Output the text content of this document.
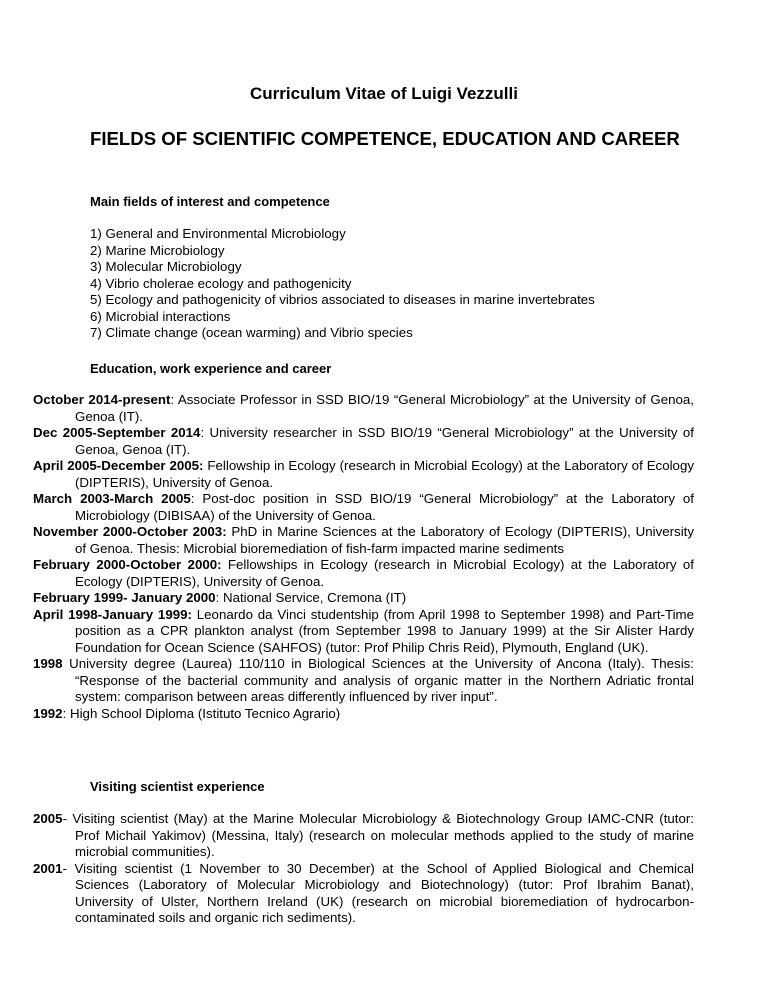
Curriculum Vitae of Luigi Vezzulli
FIELDS OF SCIENTIFIC COMPETENCE, EDUCATION AND CAREER
Main fields of interest and competence
1) General and Environmental Microbiology
2) Marine Microbiology
3) Molecular Microbiology
4) Vibrio cholerae ecology and pathogenicity
5) Ecology and pathogenicity of vibrios associated to diseases in marine invertebrates
6) Microbial interactions
7) Climate change (ocean warming) and Vibrio species
Education, work experience and career

October 2014-present: Associate Professor in SSD BIO/19 “General Microbiology” at the University of Genoa, Genoa (IT).

Dec 2005-September 2014: University researcher in SSD BIO/19 “General Microbiology” at the University of Genoa, Genoa (IT).

April 2005-December 2005: Fellowship in Ecology (research in Microbial Ecology) at the Laboratory of Ecology (DIPTERIS), University of Genoa.

March 2003-March 2005: Post-doc position in SSD BIO/19 “General Microbiology” at the Laboratory of Microbiology (DIBISAA) of the University of Genoa.

November 2000-October 2003: PhD in Marine Sciences at the Laboratory of Ecology (DIPTERIS), University of Genoa. Thesis: Microbial bioremediation of fish-farm impacted marine sediments

February 2000-October 2000: Fellowships in Ecology (research in Microbial Ecology) at the Laboratory of Ecology (DIPTERIS), University of Genoa.

February 1999- January 2000: National Service, Cremona (IT)

April 1998-January 1999: Leonardo da Vinci studentship (from April 1998 to September 1998) and Part-Time position as a CPR plankton analyst (from September 1998 to January 1999) at the Sir Alister Hardy Foundation for Ocean Science (SAHFOS) (tutor: Prof Philip Chris Reid), Plymouth, England (UK).

1998 University degree (Laurea) 110/110 in Biological Sciences at the University of Ancona (Italy). Thesis: “Response of the bacterial community and analysis of organic matter in the Northern Adriatic frontal system: comparison between areas differently influenced by river input”.

1992: High School Diploma (Istituto Tecnico Agrario)

Visiting scientist experience

2005- Visiting scientist (May) at the Marine Molecular Microbiology & Biotechnology Group IAMC-CNR (tutor: Prof Michail Yakimov) (Messina, Italy) (research on molecular methods applied to the study of marine microbial communities).

2001- Visiting scientist (1 November to 30 December) at the School of Applied Biological and Chemical Sciences (Laboratory of Molecular Microbiology and Biotechnology) (tutor: Prof Ibrahim Banat), University of Ulster, Northern Ireland (UK) (research on microbial bioremediation of hydrocarbon-contaminated soils and organic rich sediments).
